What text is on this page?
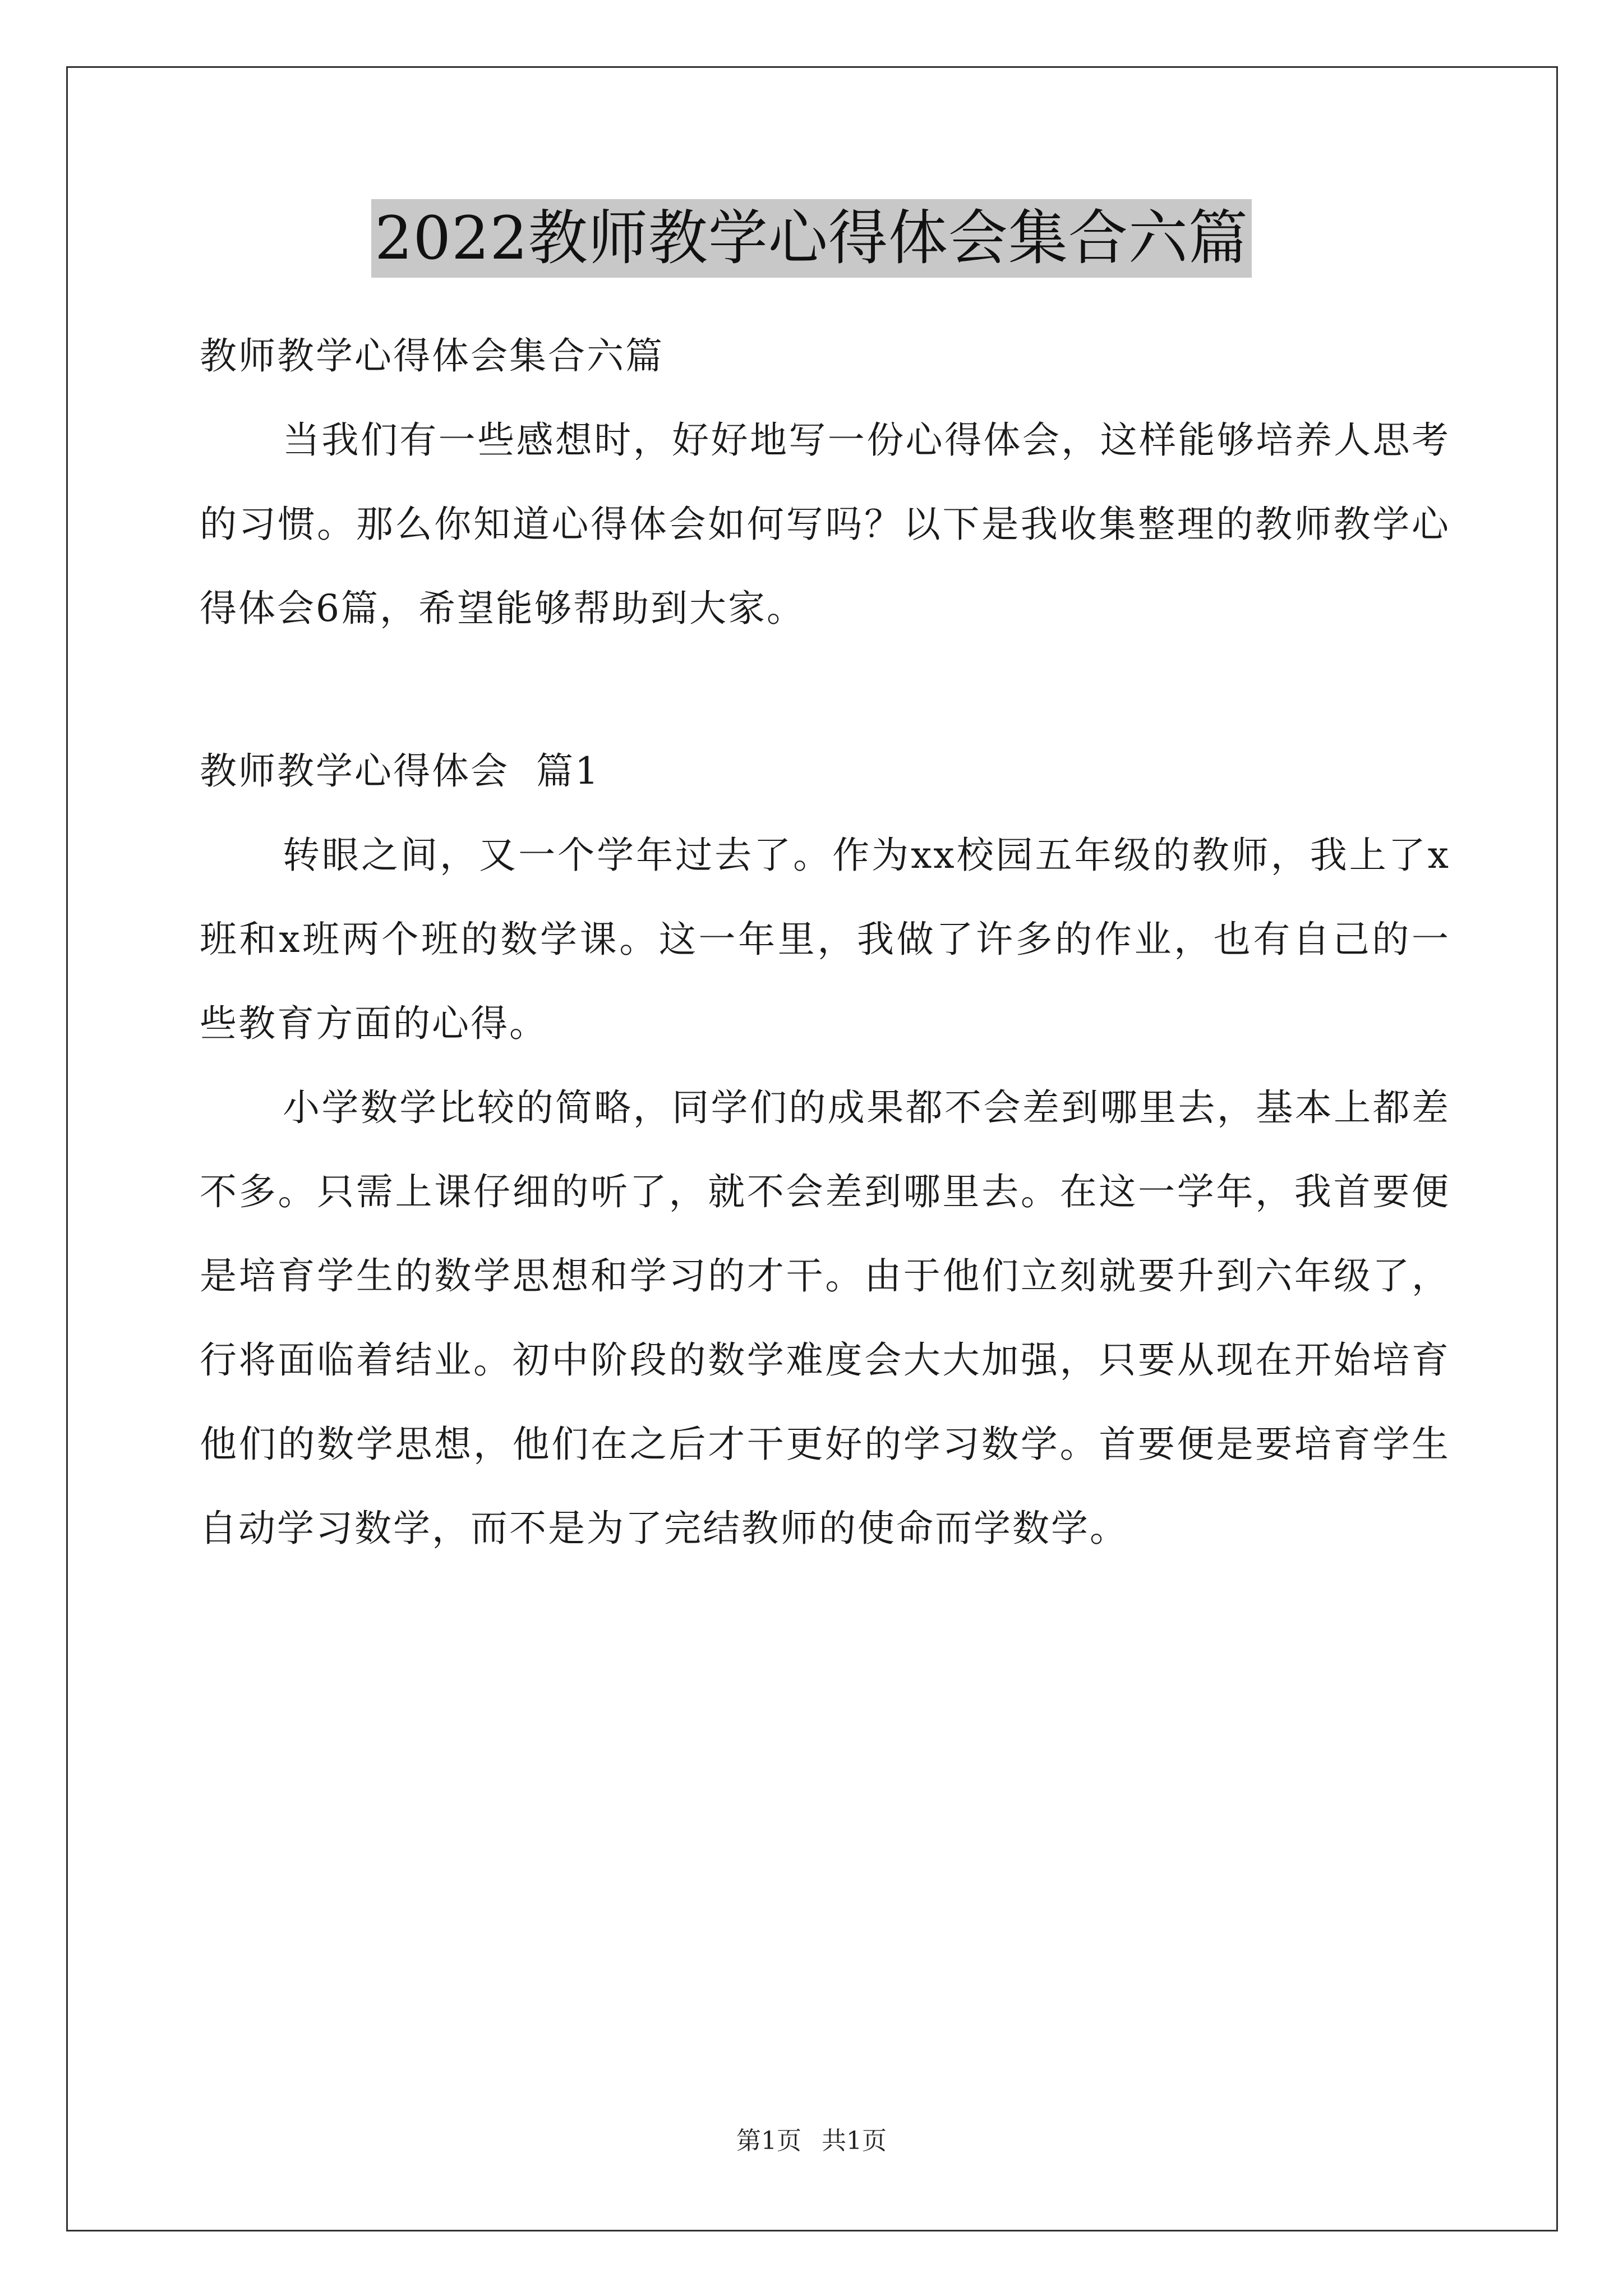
2022教师教学心得体会集合六篇

教师教学心得体会集合六篇

当我们有一些感想时，好好地写一份心得体会，这样能够培养人思考的习惯。那么你知道心得体会如何写吗？以下是我收集整理的教师教学心得体会6篇，希望能够帮助到大家。

教师教学心得体会  篇1

转眼之间，又一个学年过去了。作为xx校园五年级的教师，我上了x班和x班两个班的数学课。这一年里，我做了许多的作业，也有自己的一些教育方面的心得。

小学数学比较的简略，同学们的成果都不会差到哪里去，基本上都差不多。只需上课仔细的听了，就不会差到哪里去。在这一学年，我首要便是培育学生的数学思想和学习的才干。由于他们立刻就要升到六年级了，行将面临着结业。初中阶段的数学难度会大大加强，只要从现在开始培育他们的数学思想，他们在之后才干更好的学习数学。首要便是要培育学生自动学习数学，而不是为了完结教师的使命而学数学。

第1页 共1页
